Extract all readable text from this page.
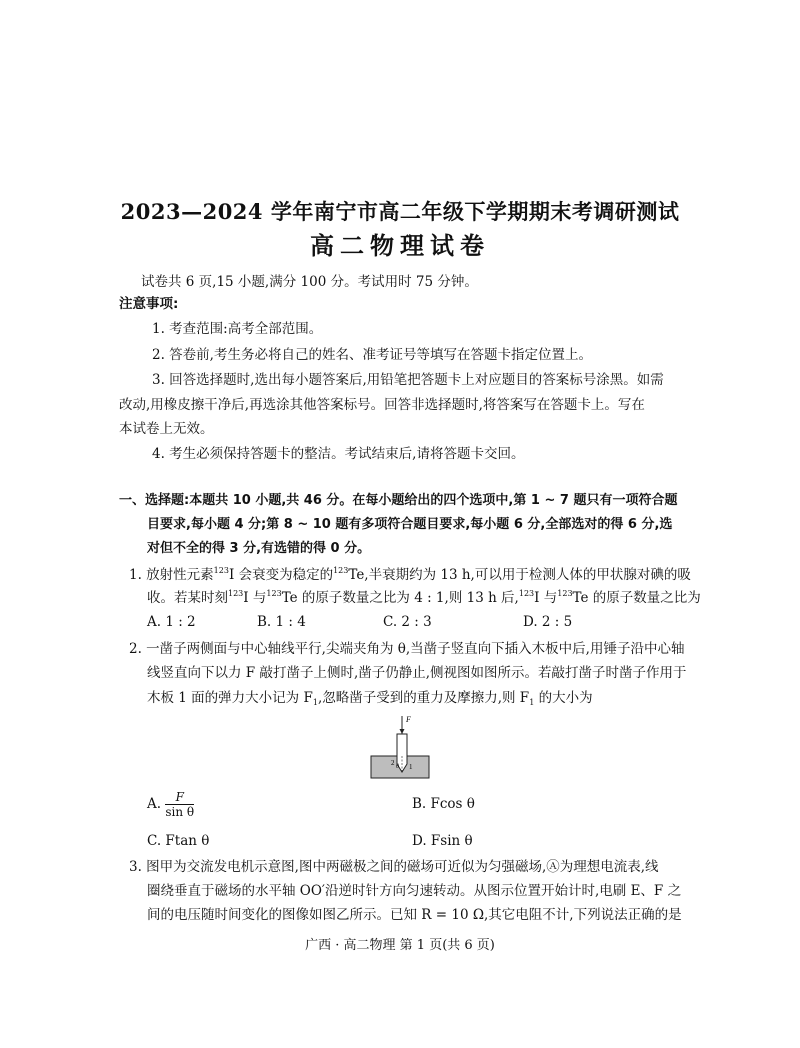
2023—2024 学年南宁市高二年级下学期期末考调研测试
高二物理试卷
试卷共 6 页,15 小题,满分 100 分。考试用时 75 分钟。
注意事项:
1. 考查范围:高考全部范围。
2. 答卷前,考生务必将自己的姓名、准考证号等填写在答题卡指定位置上。
3. 回答选择题时,选出每小题答案后,用铅笔把答题卡上对应题目的答案标号涂黑。如需
改动,用橡皮擦干净后,再选涂其他答案标号。回答非选择题时,将答案写在答题卡上。写在
本试卷上无效。
4. 考生必须保持答题卡的整洁。考试结束后,请将答题卡交回。
一、选择题:本题共 10 小题,共 46 分。在每小题给出的四个选项中,第 1 ~ 7 题只有一项符合题
目要求,每小题 4 分;第 8 ~ 10 题有多项符合题目要求,每小题 6 分,全部选对的得 6 分,选
对但不全的得 3 分,有选错的得 0 分。
1. 放射性元素$^{123}$I 会衰变为稳定的$^{123}$Te,半衰期约为 13 h,可以用于检测人体的甲状腺对碘的吸
收。若某时刻$^{123}$I 与$^{123}$Te 的原子数量之比为 4 : 1,则 13 h 后,$^{123}$I 与$^{123}$Te 的原子数量之比为
A. 1 : 2	B. 1 : 4	C. 2 : 3	D. 2 : 5
2. 一凿子两侧面与中心轴线平行,尖端夹角为 θ,当凿子竖直向下插入木板中后,用锤子沿中心轴
线竖直向下以力 F 敲打凿子上侧时,凿子仍静止,侧视图如图所示。若敲打凿子时凿子作用于
木板 1 面的弹力大小记为 $F_1$,忽略凿子受到的重力及摩擦力,则 $F_1$ 的大小为
F
2 1
θ
A. $\frac{F}{\text{sin θ}}$	B. Fcos θ
C. Ftan θ	D. Fsin θ
3. 图甲为交流发电机示意图,图中两磁极之间的磁场可近似为匀强磁场,Ⓐ为理想电流表,线
圈绕垂直于磁场的水平轴 OO′沿逆时针方向匀速转动。从图示位置开始计时,电刷 E、F 之
间的电压随时间变化的图像如图乙所示。已知 R = 10 Ω,其它电阻不计,下列说法正确的是
广西 · 高二物理 第 1 页(共 6 页)
